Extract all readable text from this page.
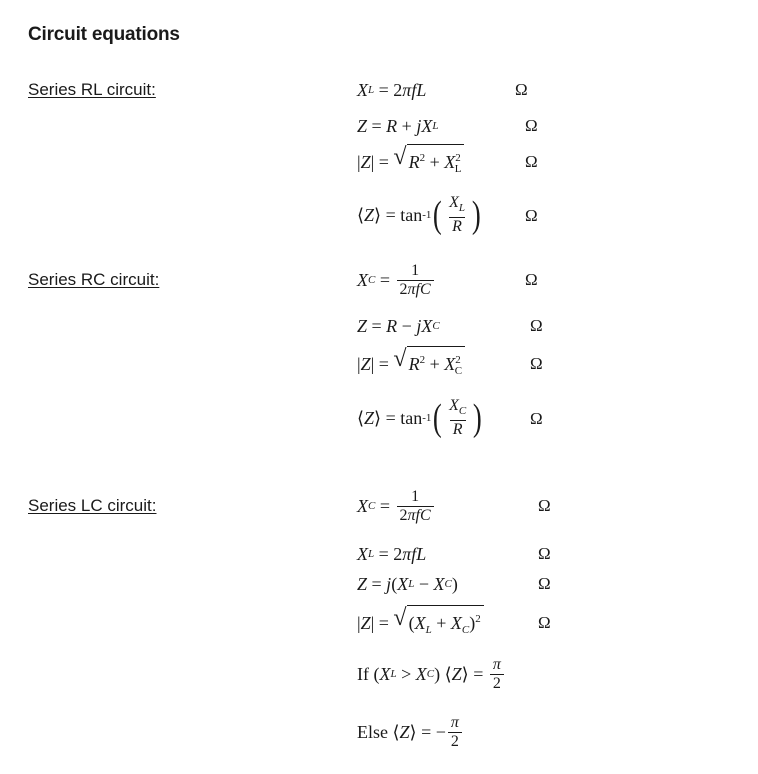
Circuit equations
Series RL circuit:	X L = 2 π fL	Ω
Z = R + jX L	Ω
| Z | = √ $R^2 + X^2_L$	Ω
⟨ Z ⟩ = tan -1 ( $\frac{X_L}{R}$ )	Ω
Series RC circuit:	X $C = \frac{1}{\text{2πfC}}$	Ω
Z = R − jX C	Ω
| Z | = √ $R^2 + X^2_C$	Ω
⟨ Z ⟩ = tan -1 ( $\frac{X_C}{R}$ )	Ω
Series LC circuit:	X $C = \frac{1}{\text{2πfC}}$	Ω
X L = 2 πfL	Ω
Z = j ( X L − X C )	Ω
| Z | = √ $(X_L + X_C)^2$	Ω
If ( X L > X C ) ⟨ Z ⟩ = $\frac{\pi}{2}$
Else ⟨ Z ⟩ = − $\frac{\pi}{2}$
